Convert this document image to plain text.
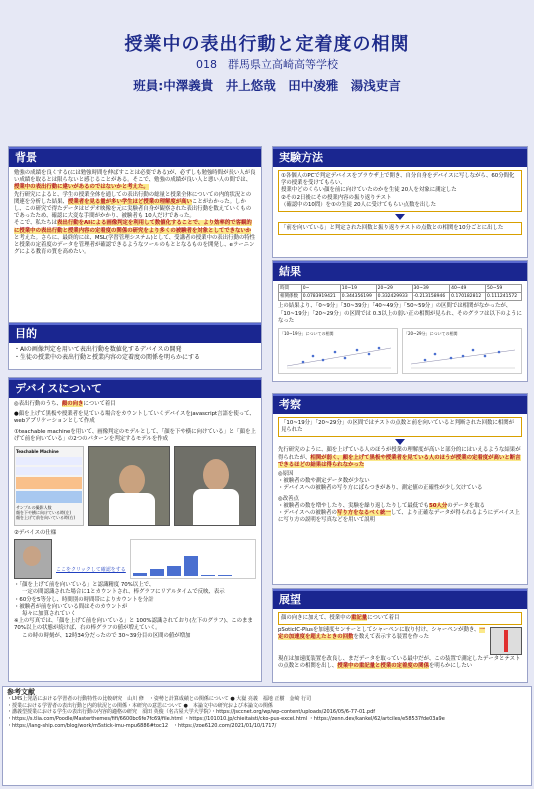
授業中の表出行動と定着度の相関
018　群馬県立高崎高等学校
班員:中澤義貴　井上悠哉　田中凌雅　湯浅吏言
背景
勉強の成績を良くする(には勉強時間を伸ばすことは必要である)が、必ずしも勉強時間が長い人が良い成績を取るとは限らないと感じることがある。そこで、勉強の成績が良い人と悪い人の間では、授業中の表出行動に違いがあるのではないかと考えた。
先行研究によると、学生の授業全体を通しての表出行動の総量と授業全体についての内的状況との関連を分析した結果、授業者を見る量が多い学生ほど授業の理解度が高いことがわかった。しかし、この研究で得たデータはビデオ映像を元に実験者自身が観察された表出行動を数えていくものであったため、確認に大変な手間がかかり、被験者も 10人だけであった。
そこで、私たちは表出行動をAIによる画像判定を利用して数値化することで、より効率的で客観的に授業中の表出行動と授業内容の定着度の関係の研究をより多くの被験者を対象としてできないかと考えた。さらに、最終的には、MSL(学習管理システム)として、受講者の授業中の表出行動の特性と授業の定着度のデータを管理者が確認できるようなツールのもととなるものを開発し、eラーニングによる教育の質を高めたい。
目的
・AIの画像判定を用いて表出行動を数値化するデバイスの開発
・生徒の授業中の表出行動と授業内容の定着度の関係を明らかにする
デバイスについて
◎表出行動のうち、顔の向きについて着目
●顔を上げて黒板や授業者を見ている場合をカウントしていくデバイスをjavascript言語を使って、webアプリケーションとして作成
①teachable machineを用いて、画像判定のモデルとして、「顔を下や横に向けている」と「顔を上げて前を向いている」の2つのパターンを判定するモデルを作成
Teachable Machine
サンプルの撮影人数
顔を下や横に向けている時(左)
顔を上げて前を向いている時(右)
②デバイスの仕様
ここをクリックして確認をする
・「顔を上げて前を向いている」と認識精度 70%以上で、
一定の間認識された場合に1とカウントされ、棒グラフにリアルタイムで反映、表示
・60分を5等分し、時間別の時間帯によりカウントを分計
・被験者が前を向いている間はそのカウントが
毎々に加算されていく
※上の写真では、「顔を上げて前を向いている」と 100%認識されており(左下のグラフ)、このまま 70%以上の状態が続けば、右の棒グラフの値が増えていく。
この時の時刻が、12時34分だったので 30~39分目の区間の値が増加
実験方法
①各個人のPCで判定デバイスをブラウザ上で開き、自分自身をデバイスに写しながら、60分間化学の授業を受けてもらい、
授業中どのくらい顔を前に向けていたのかを生徒 20人を対象に測定した
②その2日後にその授業内容の振り返りテスト
（確認中の10問）を①の生徒 20人に受けてもらい点数を出した
「前を向いている」と判定された回数と振り返りテストの点数との相関を10分ごとに出した
結果
時間	0~	10~19	20~29	30~39	40~49	50~59
相関係数	0.0783919421	0.344356199	0.332429933	-0.213158946	0.170182812	0.111241572
上の結果より、「0~9分」「30~39分」「40~49分」「50~59分」の区間では相関がなかったが、「10~19分」「20~29分」の区間では 0.3以上の弱い正の相関が見られ、そのグラフは以下のようになった
「10~19分」についての相関	「20~29分」についての相関
考察
「10~19分」「20~29分」の区間ではテストの点数と前を向いていると判断された回数に相関が見られた
先行研究のように、顔を上げている人のほうが授業の理解度が高いと部分的にはいえるような結果が得られたが、相関が弱く、顔を上げて黒板や授業者を見ている人のほうが授業の定着度が高いと断言できるほどの結果は得られなかった
◎原因
・被験者の数や測定データ数が少ない
・デバイスへの被験者の写り方にばらつきがあり、測定値の正確性が少し欠けている
◎改善点
・被験者の数を増やしたり、実験を繰り返したりして最低でも50人分のデータを取る
・デバイスへの被験者の写り方をなるべく統一して、より正確なデータが得られるようにデバイス上に写り方の説明を写真などを用いて説明
展望
顔の向きに加えて、授業中の重記量について着目
pSoticIC-Plusを加速度センサーとしてシャーペンに取り付け、シャーペンが動き、一定の加速度を超えたときの回数を数えて表示する装置を作った
現在は加速度装置を改良し、まだデータを取っている最中だが、この装置で測定したデータとテストの点数との相関を出し、授業中の重記量と授業の定着度の関係を明らかにしたい
参考文献
・LMS上発話における学習者の行動特性の比較研究　山川 修　・姿勢と計算成績との関係について ● 大嶽 亮義　福地 正樹　金崎 行司
・授業における学習者の表出行動と内的状況との関係・本研究の意思について ●　本論文中の研究および本論文の関係
・講義型授業における学生の表出行動の内容的適格の研究　須田 英俊（名古屋大学大学院）・https://jsccnet.org/wp/wp-content/uploads/2016/05/6-77-01.pdf
・https://s.tlia.com/Poodle/Masterthemes/fifi/6600bc6fe7fc69/file.html ・https://101010.jp/chieitaisti/cko-pus-excel.html ・https://zenn.dev/kankel/62/artciles/e58537fde03a9e
・https://lang-ship.com/blog/work/m5stick-imu-mpu6886#toc12　・https://zoe6120.com/2021/01/10/1717/
